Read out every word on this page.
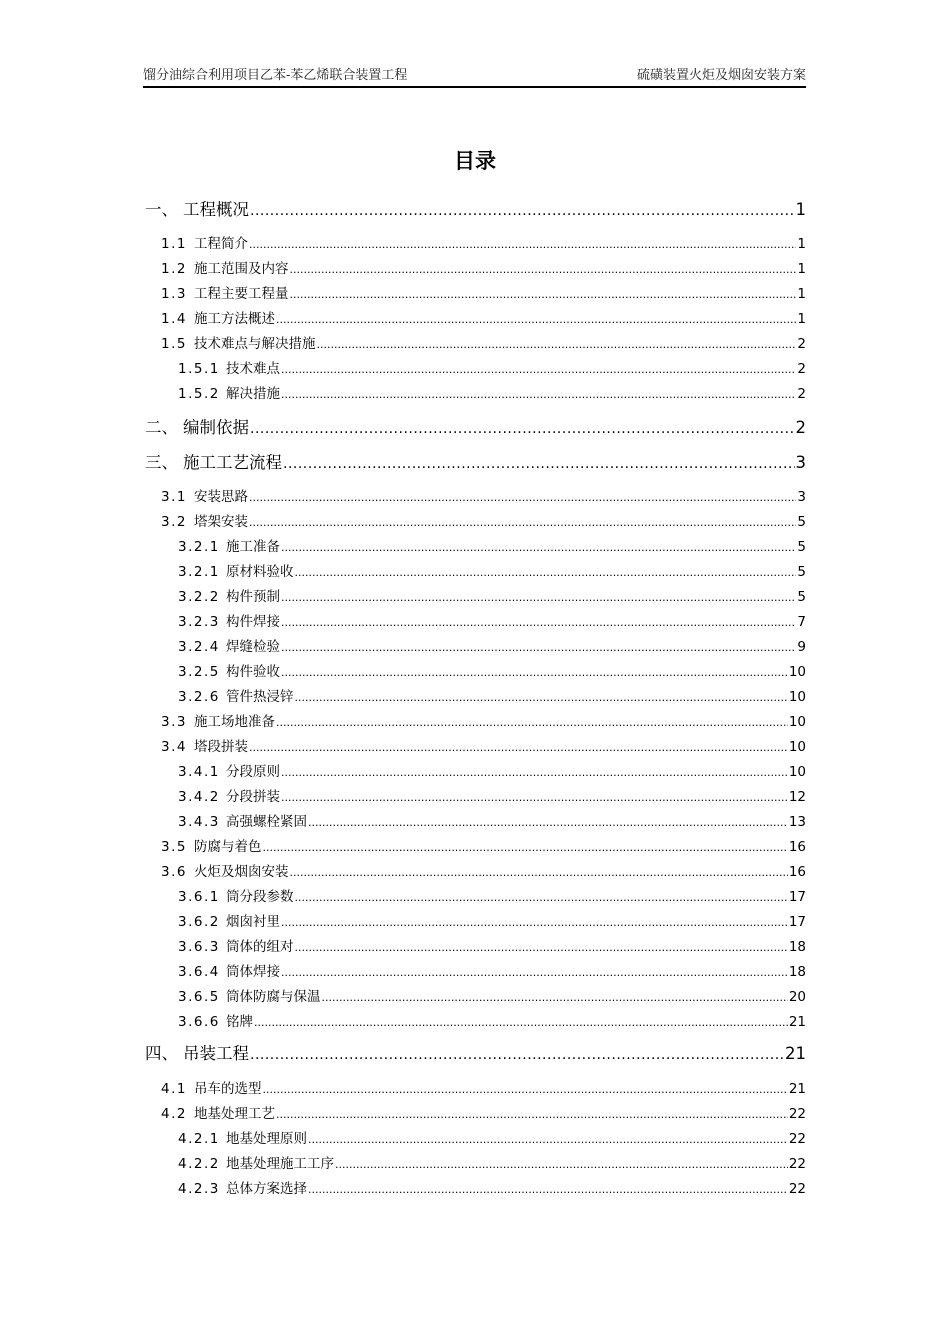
馏分油综合利用项目乙苯-苯乙烯联合装置工程	硫磺装置火炬及烟囱安装方案
目录
一、 工程概况 .....	1
1.1 工程简介 .....	1
1.2 施工范围及内容 .....	1
1.3 工程主要工程量 .....	1
1.4 施工方法概述 .....	1
1.5 技术难点与解决措施 .....	2
1.5.1 技术难点 .....	2
1.5.2 解决措施 .....	2
二、 编制依据 .....	2
三、 施工工艺流程 .....	3
3.1 安装思路 .....	3
3.2 塔架安装 .....	5
3.2.1 施工准备 .....	5
3.2.1 原材料验收 .....	5
3.2.2 构件预制 .....	5
3.2.3 构件焊接 .....	7
3.2.4 焊缝检验 .....	9
3.2.5 构件验收 .....	10
3.2.6 管件热浸锌 .....	10
3.3 施工场地准备 .....	10
3.4 塔段拼装 .....	10
3.4.1 分段原则 .....	10
3.4.2 分段拼装 .....	12
3.4.3 高强螺栓紧固 .....	13
3.5 防腐与着色 .....	16
3.6 火炬及烟囱安装 .....	16
3.6.1 筒分段参数 .....	17
3.6.2 烟囱衬里 .....	17
3.6.3 筒体的组对 .....	18
3.6.4 筒体焊接 .....	18
3.6.5 筒体防腐与保温 .....	20
3.6.6 铭牌 .....	21
四、 吊装工程 .....	21
4.1 吊车的选型 .....	21
4.2 地基处理工艺 .....	22
4.2.1 地基处理原则 .....	22
4.2.2 地基处理施工工序 .....	22
4.2.3 总体方案选择 .....	22
